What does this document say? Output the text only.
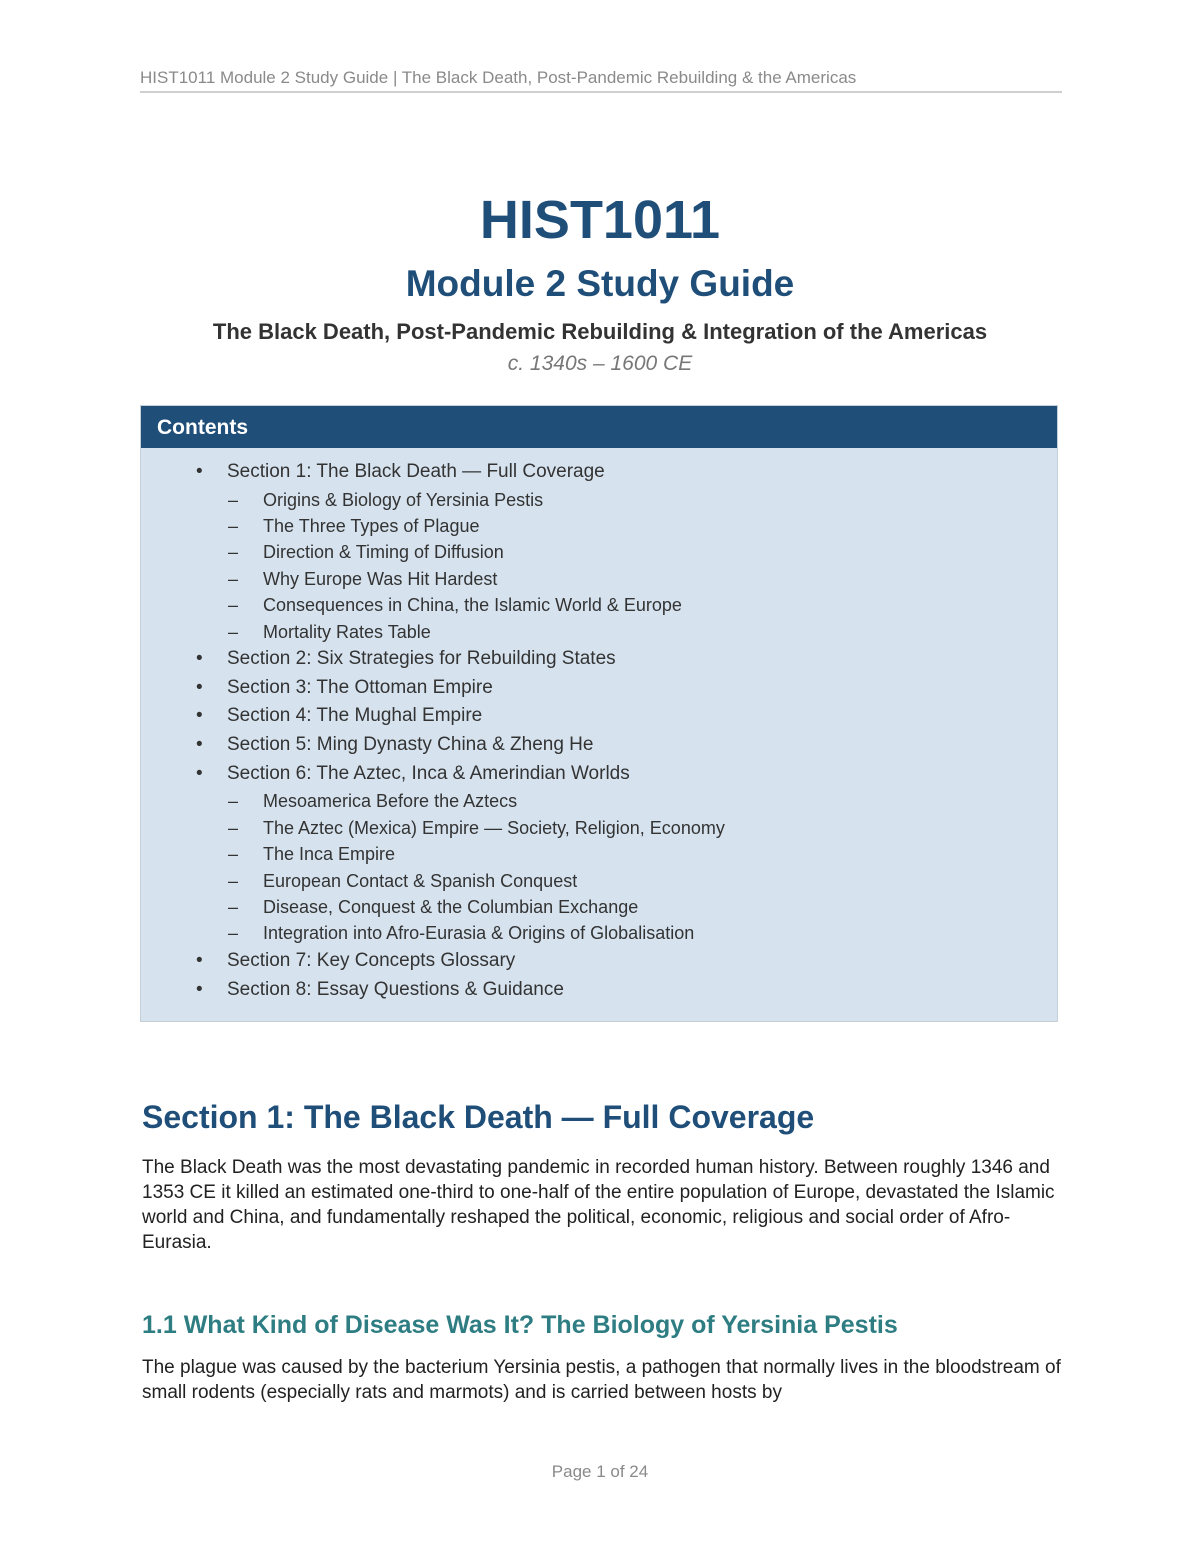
HIST1011 Module 2 Study Guide | The Black Death, Post-Pandemic Rebuilding & the Americas
HIST1011
Module 2 Study Guide
The Black Death, Post-Pandemic Rebuilding & Integration of the Americas
c. 1340s – 1600 CE
Contents
• Section 1: The Black Death — Full Coverage
– Origins & Biology of Yersinia Pestis
– The Three Types of Plague
– Direction & Timing of Diffusion
– Why Europe Was Hit Hardest
– Consequences in China, the Islamic World & Europe
– Mortality Rates Table
• Section 2: Six Strategies for Rebuilding States
• Section 3: The Ottoman Empire
• Section 4: The Mughal Empire
• Section 5: Ming Dynasty China & Zheng He
• Section 6: The Aztec, Inca & Amerindian Worlds
– Mesoamerica Before the Aztecs
– The Aztec (Mexica) Empire — Society, Religion, Economy
– The Inca Empire
– European Contact & Spanish Conquest
– Disease, Conquest & the Columbian Exchange
– Integration into Afro-Eurasia & Origins of Globalisation
• Section 7: Key Concepts Glossary
• Section 8: Essay Questions & Guidance
Section 1: The Black Death — Full Coverage

The Black Death was the most devastating pandemic in recorded human history. Between roughly 1346 and 1353 CE it killed an estimated one-third to one-half of the entire population of Europe, devastated the Islamic world and China, and fundamentally reshaped the political, economic, religious and social order of Afro-Eurasia.

1.1 What Kind of Disease Was It? The Biology of Yersinia Pestis

The plague was caused by the bacterium Yersinia pestis, a pathogen that normally lives in the bloodstream of small rodents (especially rats and marmots) and is carried between hosts by

Page 1 of 24
